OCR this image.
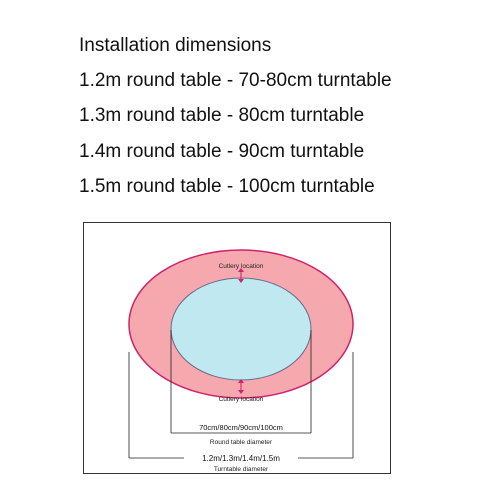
Installation dimensions
1.2m round table - 70-80cm turntable
1.3m round table - 80cm turntable
1.4m round table - 90cm turntable
1.5m round table - 100cm turntable
Cutlery location
Cutlery location
70cm/80cm/90cm/100cm
Round table diameter
1.2m/1.3m/1.4m/1.5m
Turntable diameter
